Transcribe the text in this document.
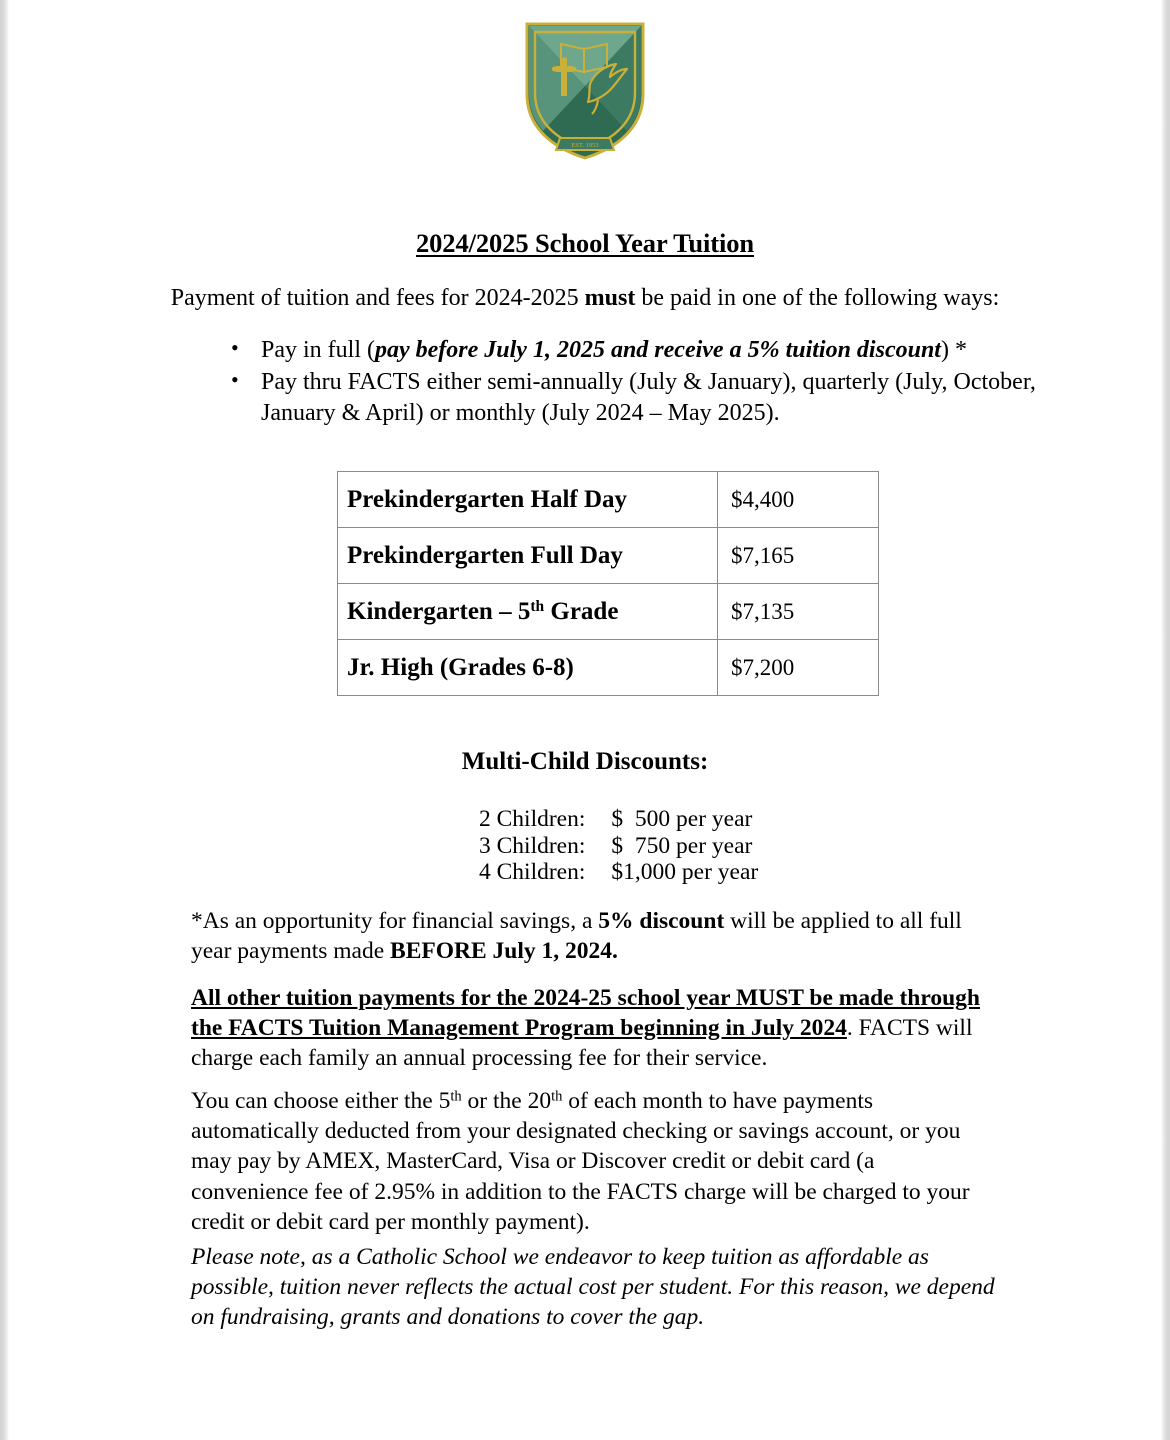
EST. 1953
2024/2025 School Year Tuition
Payment of tuition and fees for 2024-2025 must be paid in one of the following ways:
• Pay in full (pay before July 1, 2025 and receive a 5% tuition discount) *
• Pay thru FACTS either semi-annually (July & January), quarterly (July, October, January & April) or monthly (July 2024 – May 2025).
Prekindergarten Half Day	$4,400
Prekindergarten Full Day	$7,165
Kindergarten – 5th Grade	$7,135
Jr. High (Grades 6-8)	$7,200
Multi-Child Discounts:
2 Children:	$  500 per year
3 Children:	$  750 per year
4 Children:	$1,000 per year
*As an opportunity for financial savings, a 5% discount will be applied to all full year payments made BEFORE July 1, 2024.
All other tuition payments for the 2024-25 school year MUST be made through the FACTS Tuition Management Program beginning in July 2024. FACTS will charge each family an annual processing fee for their service.
You can choose either the 5th or the 20th of each month to have payments automatically deducted from your designated checking or savings account, or you may pay by AMEX, MasterCard, Visa or Discover credit or debit card (a convenience fee of 2.95% in addition to the FACTS charge will be charged to your credit or debit card per monthly payment).
Please note, as a Catholic School we endeavor to keep tuition as affordable as possible, tuition never reflects the actual cost per student. For this reason, we depend on fundraising, grants and donations to cover the gap.
